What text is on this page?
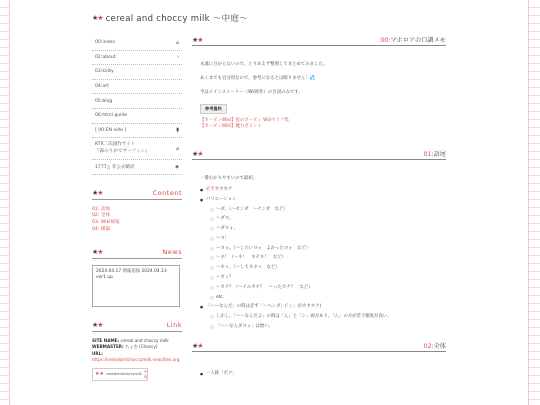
★★ cereal and choccy milk 〜中庭〜
00:index	⌂
02:about	›
03:kirby
04:art
05:blog
06:html guide
[ 00:EN side ]	▮
KTR二次創作サイト
『森のりかでサーフィン』	⌂
1777△ 非公式略訳	◈
★★	Content
01: 語尾
02: 全体
03: Wiki情報
04: 備築
★★	News
2024.04.17 情報追加 2024.04.13 ver1 up
★★	Link
SITE NAME: cereal and choccy milk
WEBMASTER: ちょき (Choccy)
URL: https://cerealandchoccymilk.neocities.org
★★ cerealandchoccymilk 中庭
★★	00:マホロアの口調メモ

永遠に分からないので、とりあえず整理してまとめてみました。

あくまでも自分用なので、参考になるとは限りません！💦

今はメインストーリー（Wii原作）の台詞のみです。

参考資料
【カービィWiki】星のカービィ Wii/セリフ集
【カービィWiki】魔力ポイント
★★	01:語尾

一番わかりやすいので最初。

● 必ずカタカナ
● バリエーション
○ 〜ダ。（〜センダ　〜ナンダ　など）
○ 〜ダヨ。
○ 〜ダヨォ。
○ 〜ヨ！
○ 〜ヨォ。（〜したいヨォ　よかったヨォ　など）
○ 〜ネ！（〜ネ！　キテネ！　など）
○ 〜ネッ。（〜してネネッ　など）
○ 〜カィ？
○ 〜カナ？（〜イルカナ？　〜ったカナ？　など）
○ etc.
● 「〜〜なんだ」の時は必ず「〜ヘンダ」(「ン」がカタカナ)
○ しかし、「〜〜なんだよ」の時は「ん」と「ン」両方あり。「ん」の方が若干頻度が高い。
○ 「〜〜なんダヨォ」は無い。
★★	02:全体
● 一人称「ボク」
